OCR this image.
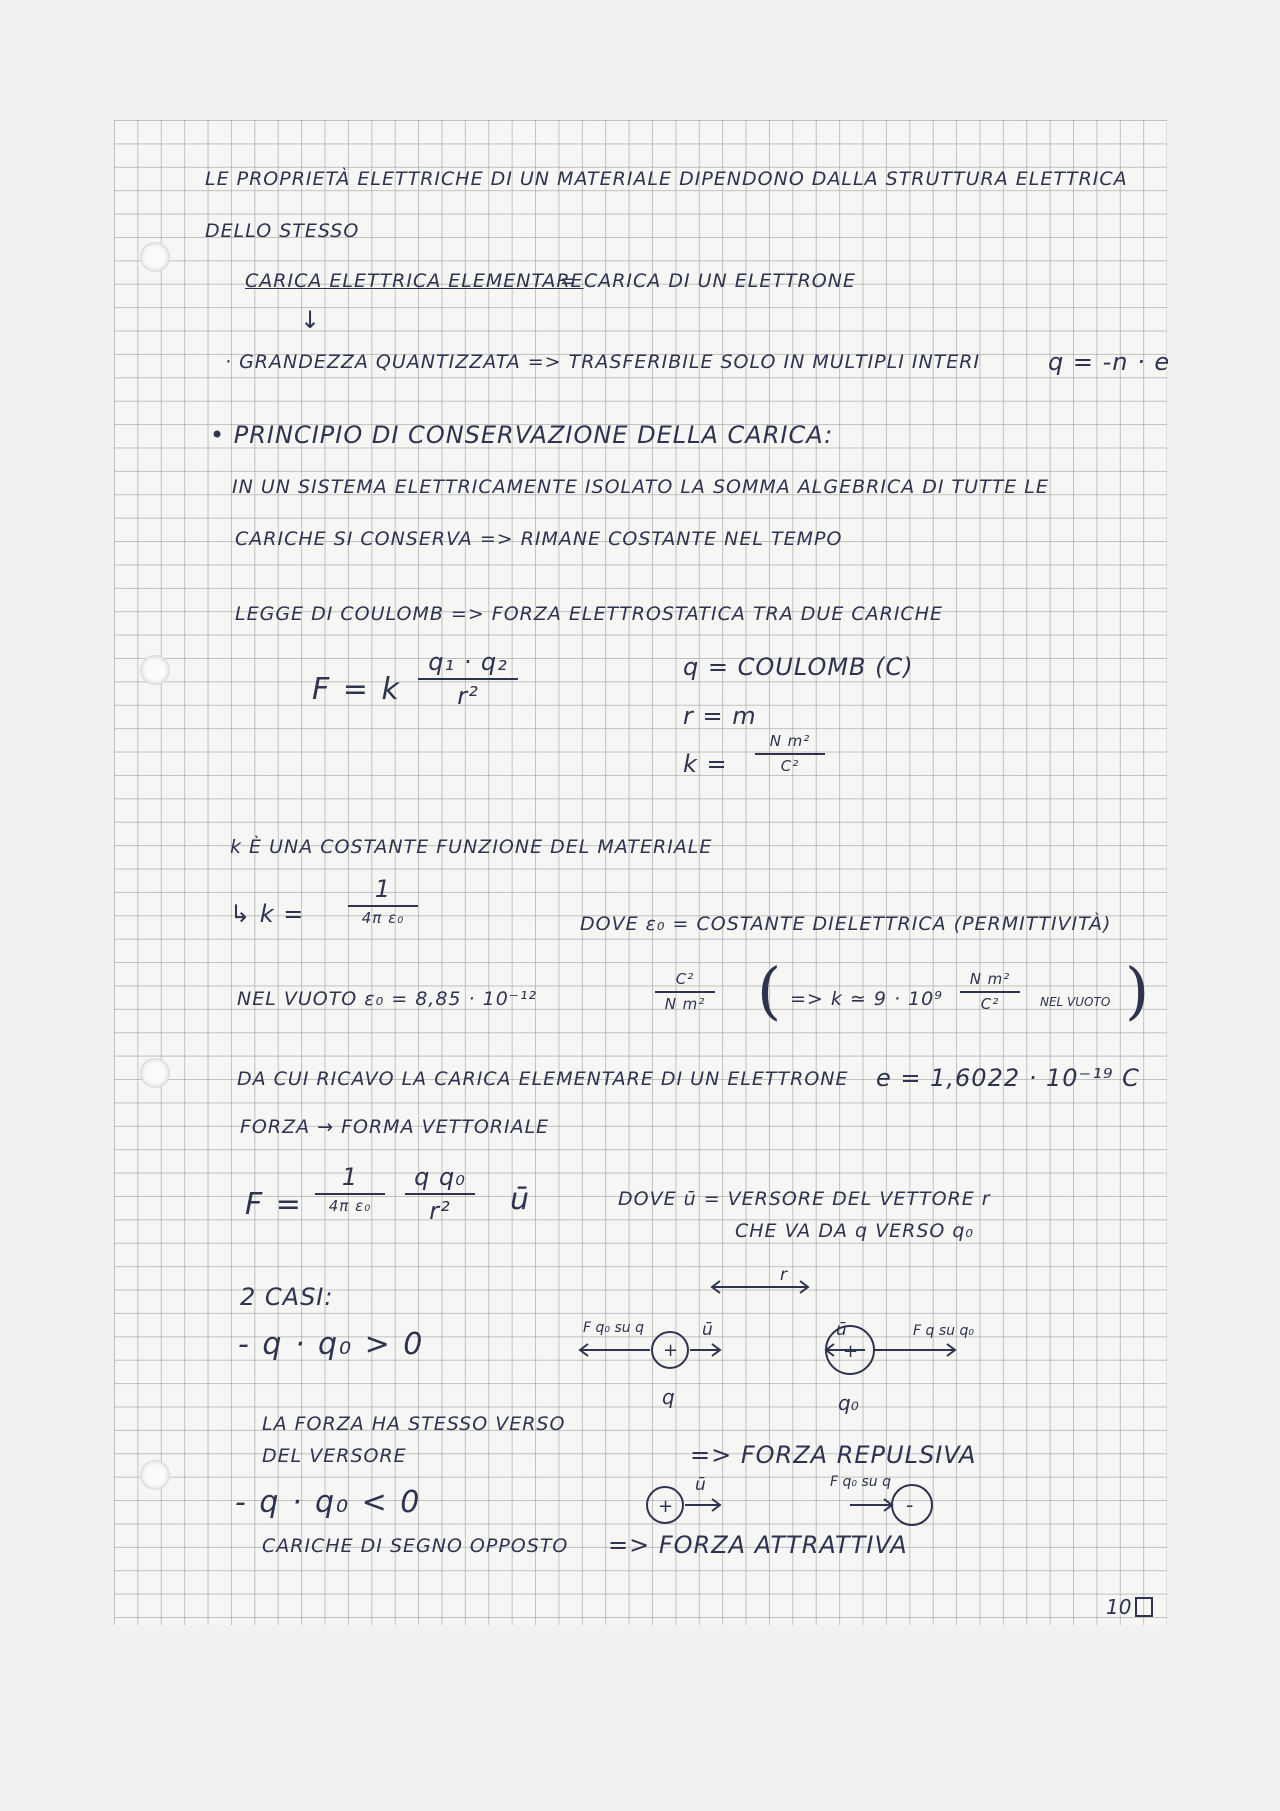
LE PROPRIETÀ ELETTRICHE DI UN MATERIALE DIPENDONO DALLA STRUTTURA ELETTRICA
DELLO STESSO
CARICA ELETTRICA ELEMENTARE
= CARICA DI UN ELETTRONE
↓
· GRANDEZZA QUANTIZZATA => TRASFERIBILE SOLO IN MULTIPLI INTERI	q = -n · e
• PRINCIPIO DI CONSERVAZIONE DELLA CARICA:
IN UN SISTEMA ELETTRICAMENTE ISOLATO LA SOMMA ALGEBRICA DI TUTTE LE
CARICHE SI CONSERVA => RIMANE COSTANTE NEL TEMPO
LEGGE DI COULOMB => FORZA ELETTROSTATICA TRA DUE CARICHE
F = k
q₁ · q₂
r²
q = COULOMB (C)
r = m
k =
N m²
C²
k È UNA COSTANTE FUNZIONE DEL MATERIALE
↳ k =
1
4π ε₀	DOVE ε₀ = COSTANTE DIELETTRICA (PERMITTIVITÀ)
NEL VUOTO ε₀ = 8,85 · 10⁻¹²
C²
N m² ( => k ≃ 9 · 10⁹
N m²
C²	NEL VUOTO )
DA CUI RICAVO LA CARICA ELEMENTARE DI UN ELETTRONE e = 1,6022 · 10⁻¹⁹ C
FORZA → FORMA VETTORIALE
F =
1
4π ε₀
q q₀
r²	ū	DOVE ū = VERSORE DEL VETTORE r
CHE VA DA q VERSO q₀
2 CASI:
- q · q₀ > 0
LA FORZA HA STESSO VERSO
DEL VERSORE	=> FORZA REPULSIVA
- q · q₀ < 0
CARICHE DI SEGNO OPPOSTO => FORZA ATTRATTIVA
r
F q₀ su q
+
ū	ū
+
F q su q₀
q	q₀
+
ū	F q₀ su q
-
10
